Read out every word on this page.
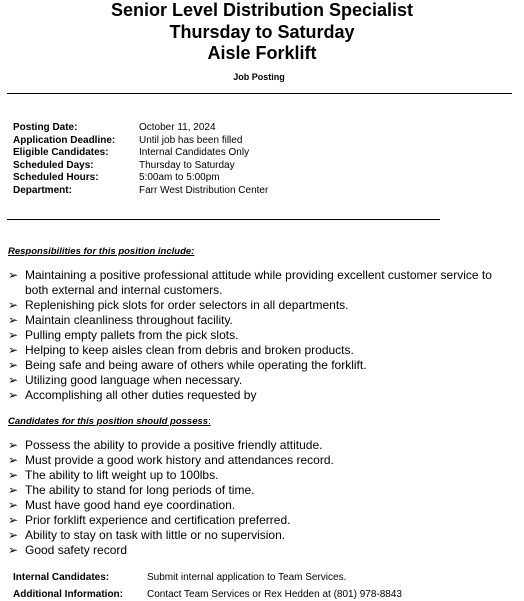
Senior Level Distribution Specialist
Thursday to Saturday
Aisle Forklift
Job Posting
Posting Date:	October 11, 2024
Application Deadline:	Until job has been filled
Eligible Candidates:	Internal Candidates Only
Scheduled Days:	Thursday to Saturday
Scheduled Hours:	5:00am to 5:00pm
Department:	Farr West Distribution Center
Responsibilities for this position include:
➢ Maintaining a positive professional attitude while providing excellent customer service to both external and internal customers.
➢ Replenishing pick slots for order selectors in all departments.
➢ Maintain cleanliness throughout facility.
➢ Pulling empty pallets from the pick slots.
➢ Helping to keep aisles clean from debris and broken products.
➢ Being safe and being aware of others while operating the forklift.
➢ Utilizing good language when necessary.
➢ Accomplishing all other duties requested by
Candidates for this position should possess:
➢ Possess the ability to provide a positive friendly attitude.
➢ Must provide a good work history and attendances record.
➢ The ability to lift weight up to 100lbs.
➢ The ability to stand for long periods of time.
➢ Must have good hand eye coordination.
➢ Prior forklift experience and certification preferred.
➢ Ability to stay on task with little or no supervision.
➢ Good safety record
Internal Candidates:	Submit internal application to Team Services.
Additional Information: Contact Team Services or Rex Hedden at (801) 978-8843
